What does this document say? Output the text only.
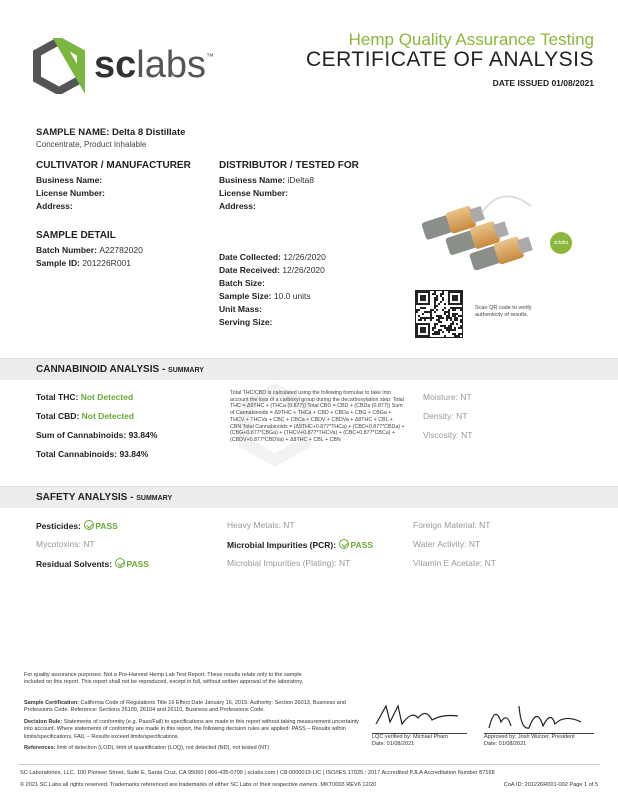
sclabs™
Hemp Quality Assurance Testing
CERTIFICATE OF ANALYSIS
DATE ISSUED 01/08/2021
SAMPLE NAME: Delta 8 Distillate
Concentrate, Product Inhalable
CULTIVATOR / MANUFACTURER
Business Name:
License Number:
Address:
DISTRIBUTOR / TESTED FOR
Business Name: iDelta8
License Number:
Address:
SAMPLE DETAIL
Batch Number: A22782020
Sample ID: 201226R001
Date Collected: 12/26/2020
Date Received: 12/26/2020
Batch Size:
Sample Size: 10.0 units
Unit Mass:
Serving Size:
sclabs
Scan QR code to verify authenticity of results.
CANNABINOID ANALYSIS - SUMMARY
Total THC: Not Detected
Total CBD: Not Detected
Sum of Cannabinoids: 93.84%
Total Cannabinoids: 93.84%
Total THC/CBD is calculated using the following formulas to take into account the loss of a carboxyl group during the decarboxylation step: Total THC = Δ9THC + (THCa (0.877)) Total CBD = CBD + (CBDa (0.877)) Sum of Cannabinoids = Δ9THC + THCa + CBD + CBDa + CBG + CBGa + THCV + THCVa + CBC + CBCa + CBDV + CBDVa + Δ8THC + CBL + CBN Total Cannabinoids = (Δ9THC+0.877*THCa) + (CBD+0.877*CBDa) + (CBG+0.877*CBGa) + (THCV+0.877*THCVa) + (CBC+0.877*CBCa) + (CBDV+0.877*CBDVa) + Δ8THC + CBL + CBN
Moisture: NT
Density: NT
Viscosity: NT
SAFETY ANALYSIS - SUMMARY
Pesticides: PASS
Mycotoxins: NT
Residual Solvents: PASS
Heavy Metals: NT
Microbial Impurities (PCR): PASS
Microbial Impurities (Plating): NT
Foreign Material: NT
Water Activity: NT
Vitamin E Acetate: NT
For quality assurance purposes. Not a Pre-Harvest Hemp Lab Test Report. These results relate only to the sample included on this report. This report shall not be reproduced, except in full, without written approval of the laboratory.
Sample Certification: California Code of Regulations Title 16 Effect Date January 16, 2019. Authority: Section 26013, Business and Professions Code. Reference: Sections 26100, 26104 and 26110, Business and Professions Code.
Decision Rule: Statements of conformity (e.g. Pass/Fail) to specifications are made in this report without taking measurement uncertainty into account. Where statements of conformity are made in this report, the following decision rules are applied: PASS – Results within limits/specifications, FAIL – Results exceed limits/specifications.
References: limit of detection (LOD), limit of quantification (LOQ), not detected (ND), not tested (NT)
LQC verified by: Michael Pham
Date: 01/08/2021
Approved by: Josh Wurzer, President
Date: 01/08/2021
SC Laboratories, LLC. 100 Pioneer Street, Suite E, Santa Cruz, CA 95060 | 866-435-0709 | sclabs.com | C8-0000013-LIC | ISO/IES 17025 : 2017 Accredited PJLA Accreditation Number 87168
© 2021 SC Labs all rights reserved. Trademarks referenced are trademarks of either SC Labs or their respective owners. MKT0003 REV6 12/20	CoA ID: 201226R001-002 Page 1 of 5
